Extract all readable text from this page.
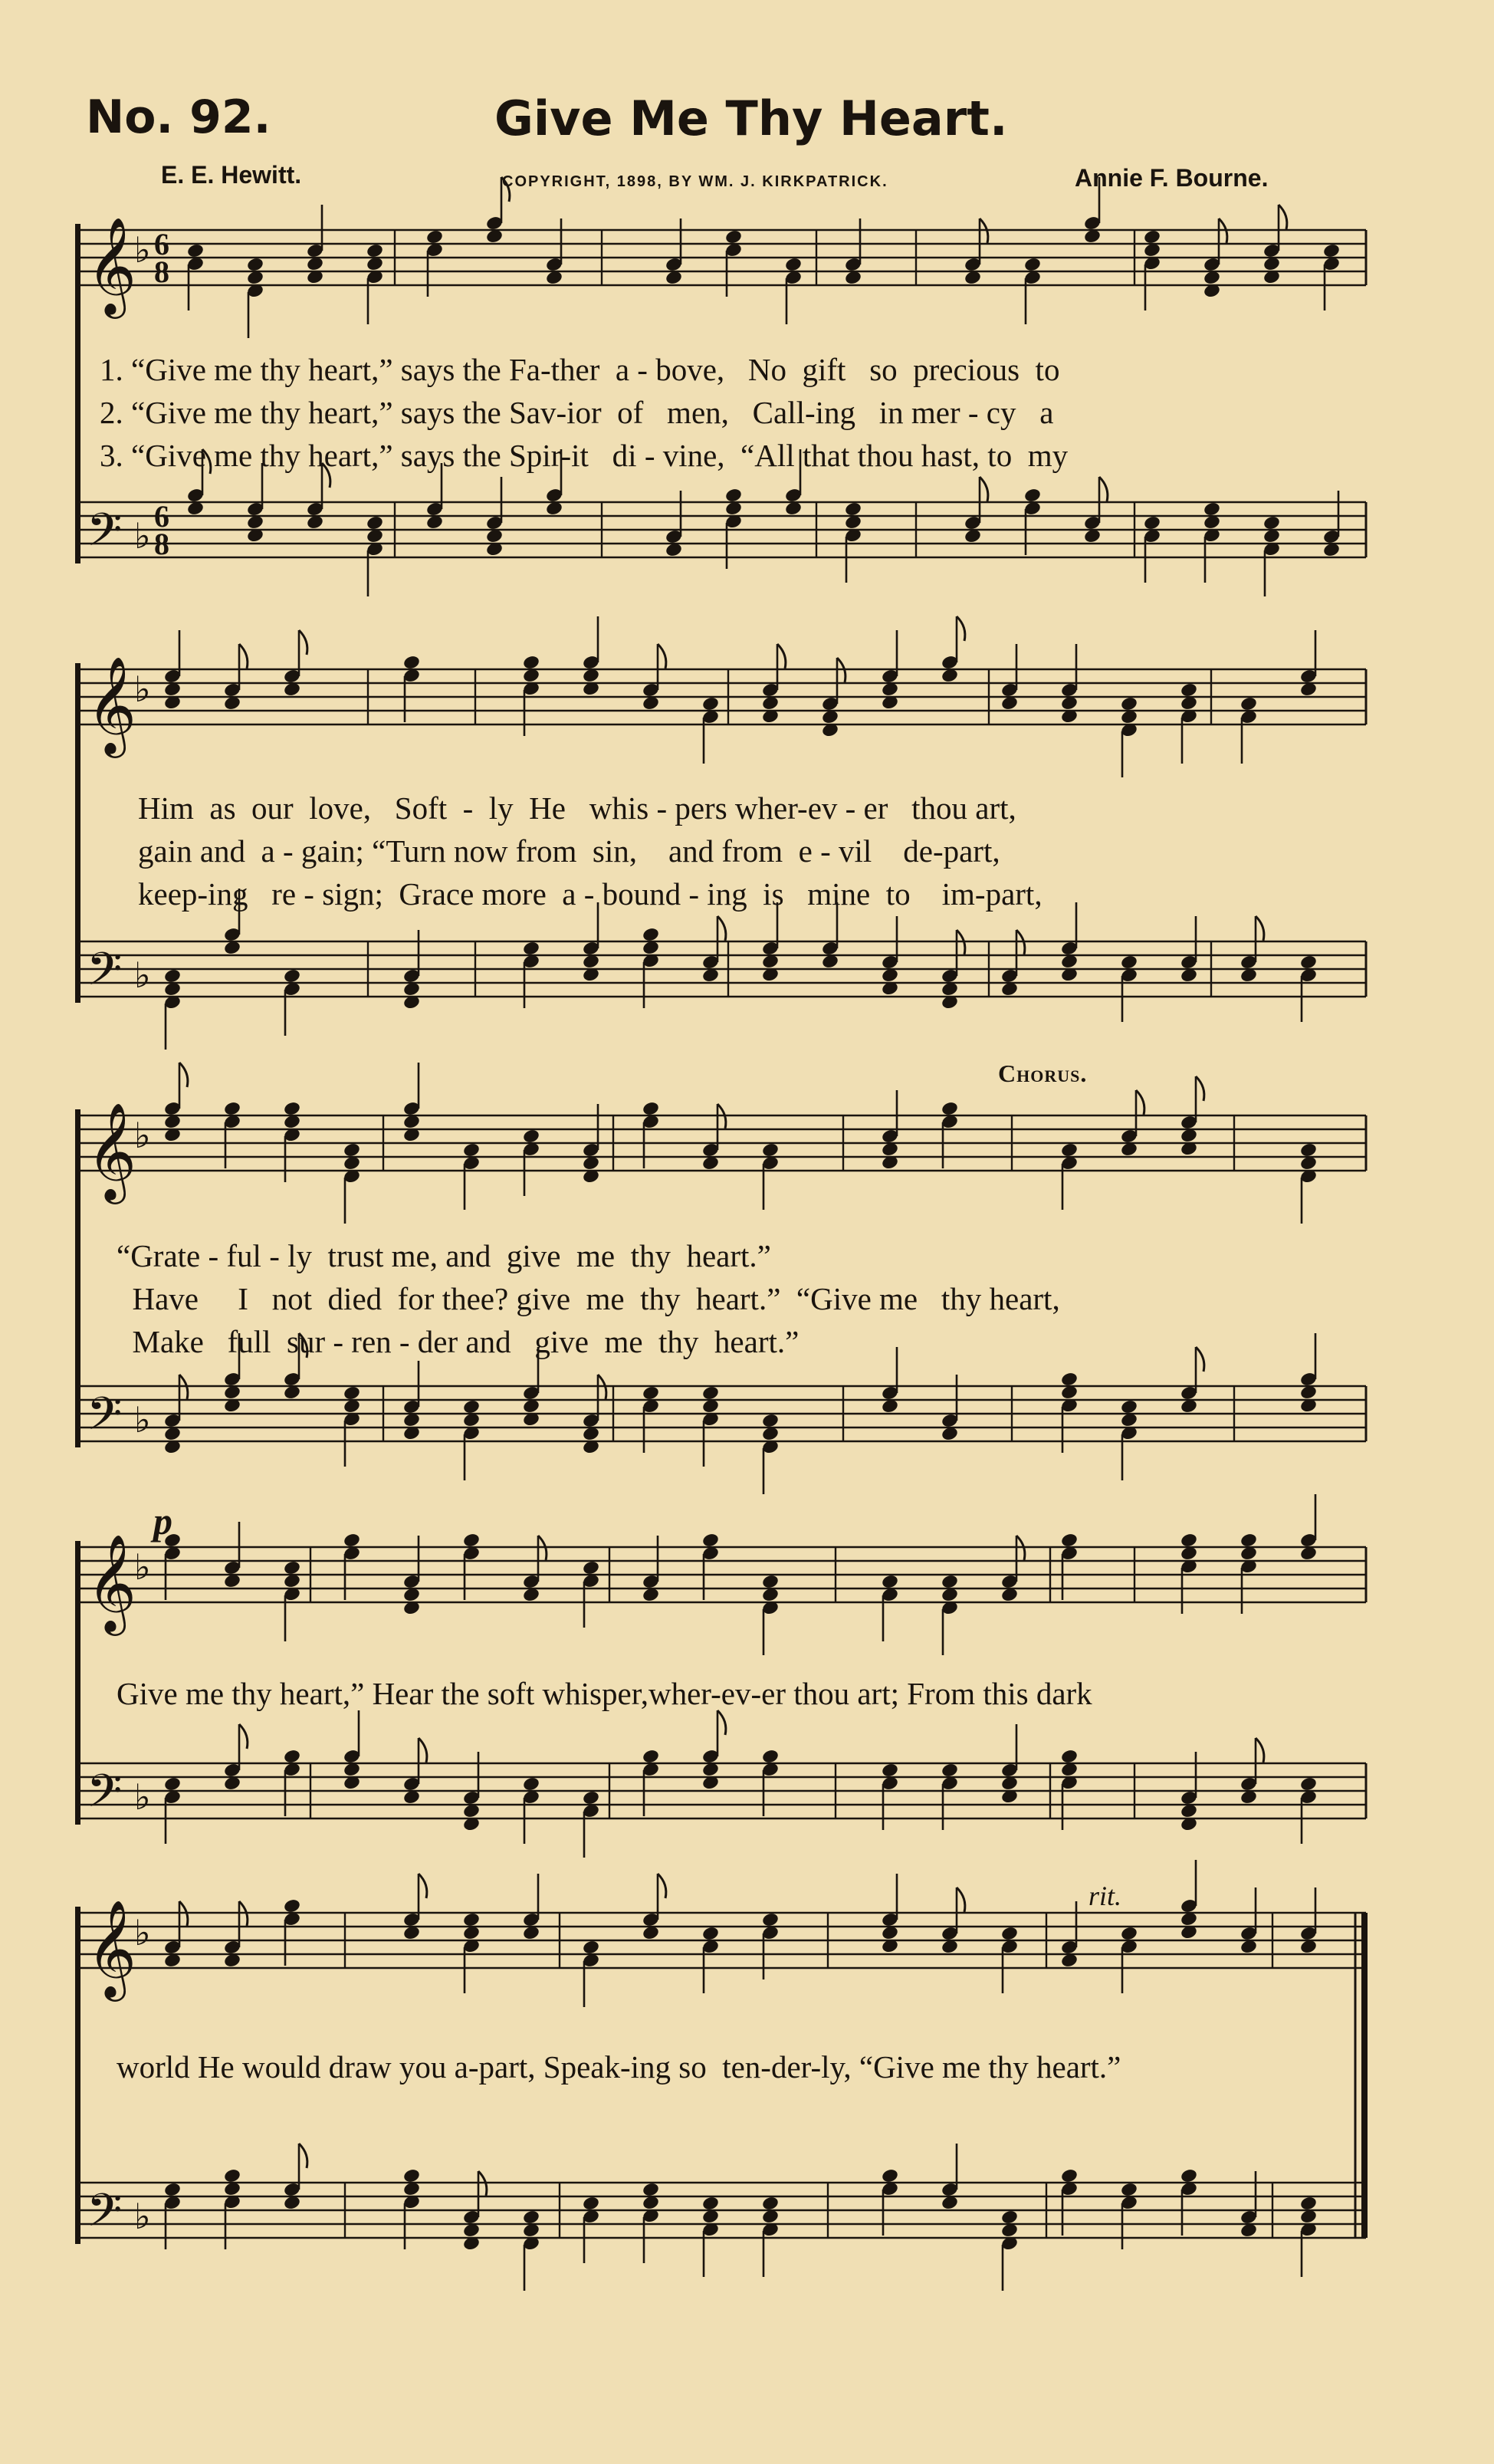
No. 92.	Give Me Thy Heart.
E. E. Hewitt.	COPYRIGHT, 1898, BY WM. J. KIRKPATRICK.	Annie F. Bourne.
𝄞
♭ 6
8
𝄢 ♭ 6
8
𝄞
♭
𝄢 ♭
𝄞
♭
𝄢 ♭
𝄞
♭
𝄢 ♭
𝄞
♭
𝄢 ♭
Chorus.
p
rit.
1. “Give me thy heart,” says the Fa-ther  a - bove,   No  gift   so  precious  to
2. “Give me thy heart,” says the Sav-ior  of   men,   Call-ing   in mer - cy   a
3. “Give me thy heart,” says the Spir-it   di - vine,  “All that thou hast, to  my
Him  as  our  love,   Soft  -  ly  He   whis - pers wher-ev - er   thou art,
gain and  a - gain; “Turn now from  sin,    and from  e - vil    de-part,
keep-ing   re - sign;  Grace more  a - bound - ing  is   mine  to    im-part,
“Grate - ful - ly  trust me, and  give  me  thy  heart.”
Have     I   not  died  for thee? give  me  thy  heart.”  “Give me   thy heart,
Make   full  sur - ren - der and   give  me  thy  heart.”
Give me thy heart,” Hear the soft whisper,wher-ev-er thou art; From this dark
world He would draw you a-part, Speak-ing so  ten-der-ly, “Give me thy heart.”
